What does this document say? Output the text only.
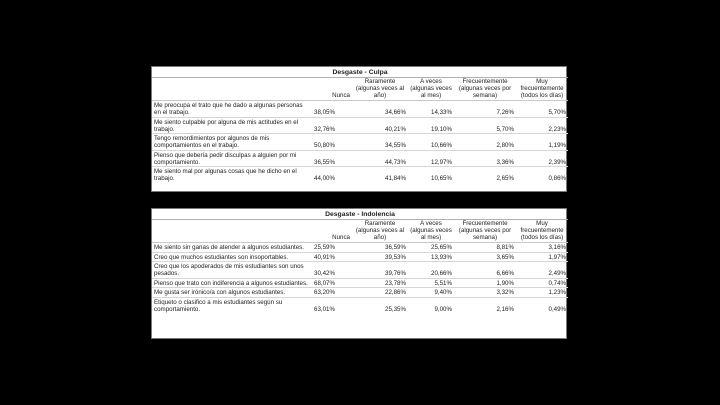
Desgaste - Culpa					
	Nunca	Raramente (algunas veces al año)	A veces (algunas veces al mes)	Frecuentemente (algunas veces por semana)	Muy frecuentemente (todos los días)
Me preocupa el trato que he dado a algunas personas en el trabajo.	38,05%	34,66%	14,33%	7,26%	5,70%
Me siento culpable por alguna de mis actitudes en el trabajo.	32,76%	40,21%	19,10%	5,70%	2,23%
Tengo remordimientos por algunos de mis comportamientos en el trabajo.	50,80%	34,55%	10,66%	2,80%	1,19%
Pienso que debería pedir disculpas a alguien por mi comportamiento.	36,55%	44,73%	12,97%	3,36%	2,39%
Me siento mal por algunas cosas que he dicho en el trabajo.	44,00%	41,84%	10,65%	2,65%	0,86%
Desgaste - Indolencia					
	Nunca	Raramente (algunas veces al año)	A veces (algunas veces al mes)	Frecuentemente (algunas veces por semana)	Muy frecuentemente (todos los días)
Me siento sin ganas de atender a algunos estudiantes.	25,59%	36,59%	25,65%	8,81%	3,16%
Creo que muchos estudiantes son insoportables.	40,91%	39,53%	13,93%	3,65%	1,97%
Creo que los apoderados de mis estudiantes son unos pesados.	30,42%	39,76%	20,66%	6,66%	2,49%
Pienso que trato con indiferencia a algunos estudiantes.	68,07%	23,78%	5,51%	1,90%	0,74%
Me gusta ser irónico/a con algunos estudiantes.	63,20%	22,86%	9,40%	3,32%	1,23%
Etiqueto o clasifico a mis estudiantes según su comportamiento.	63,01%	25,35%	9,00%	2,16%	0,49%
